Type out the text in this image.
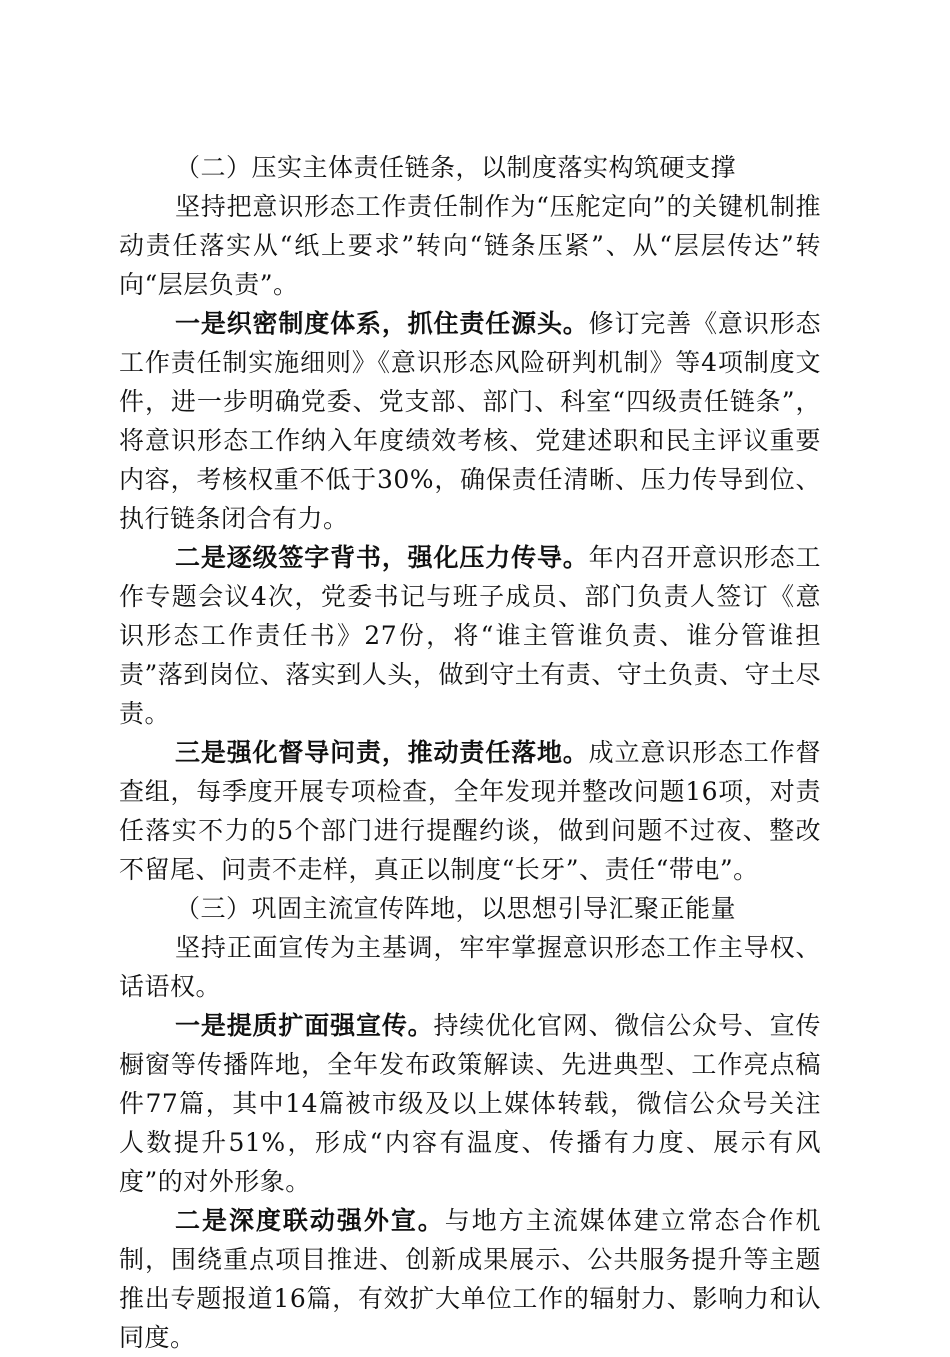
（二）压实主体责任链条，以制度落实构筑硬支撑

坚持把意识形态工作责任制作为“压舵定向”的关键机制推动责任落实从“纸上要求”转向“链条压紧”、从“层层传达”转向“层层负责”。

一是织密制度体系，抓住责任源头。修订完善《意识形态工作责任制实施细则》《意识形态风险研判机制》等4项制度文件，进一步明确党委、党支部、部门、科室“四级责任链条”，将意识形态工作纳入年度绩效考核、党建述职和民主评议重要内容，考核权重不低于30%，确保责任清晰、压力传导到位、执行链条闭合有力。

二是逐级签字背书，强化压力传导。年内召开意识形态工作专题会议4次，党委书记与班子成员、部门负责人签订《意识形态工作责任书》27份，将“谁主管谁负责、谁分管谁担责”落到岗位、落实到人头，做到守土有责、守土负责、守土尽责。

三是强化督导问责，推动责任落地。成立意识形态工作督查组，每季度开展专项检查，全年发现并整改问题16项，对责任落实不力的5个部门进行提醒约谈，做到问题不过夜、整改不留尾、问责不走样，真正以制度“长牙”、责任“带电”。

（三）巩固主流宣传阵地，以思想引导汇聚正能量

坚持正面宣传为主基调，牢牢掌握意识形态工作主导权、话语权。

一是提质扩面强宣传。持续优化官网、微信公众号、宣传橱窗等传播阵地，全年发布政策解读、先进典型、工作亮点稿件77篇，其中14篇被市级及以上媒体转载，微信公众号关注人数提升51%，形成“内容有温度、传播有力度、展示有风度”的对外形象。

二是深度联动强外宣。与地方主流媒体建立常态合作机制，围绕重点项目推进、创新成果展示、公共服务提升等主题推出专题报道16篇，有效扩大单位工作的辐射力、影响力和认同度。
